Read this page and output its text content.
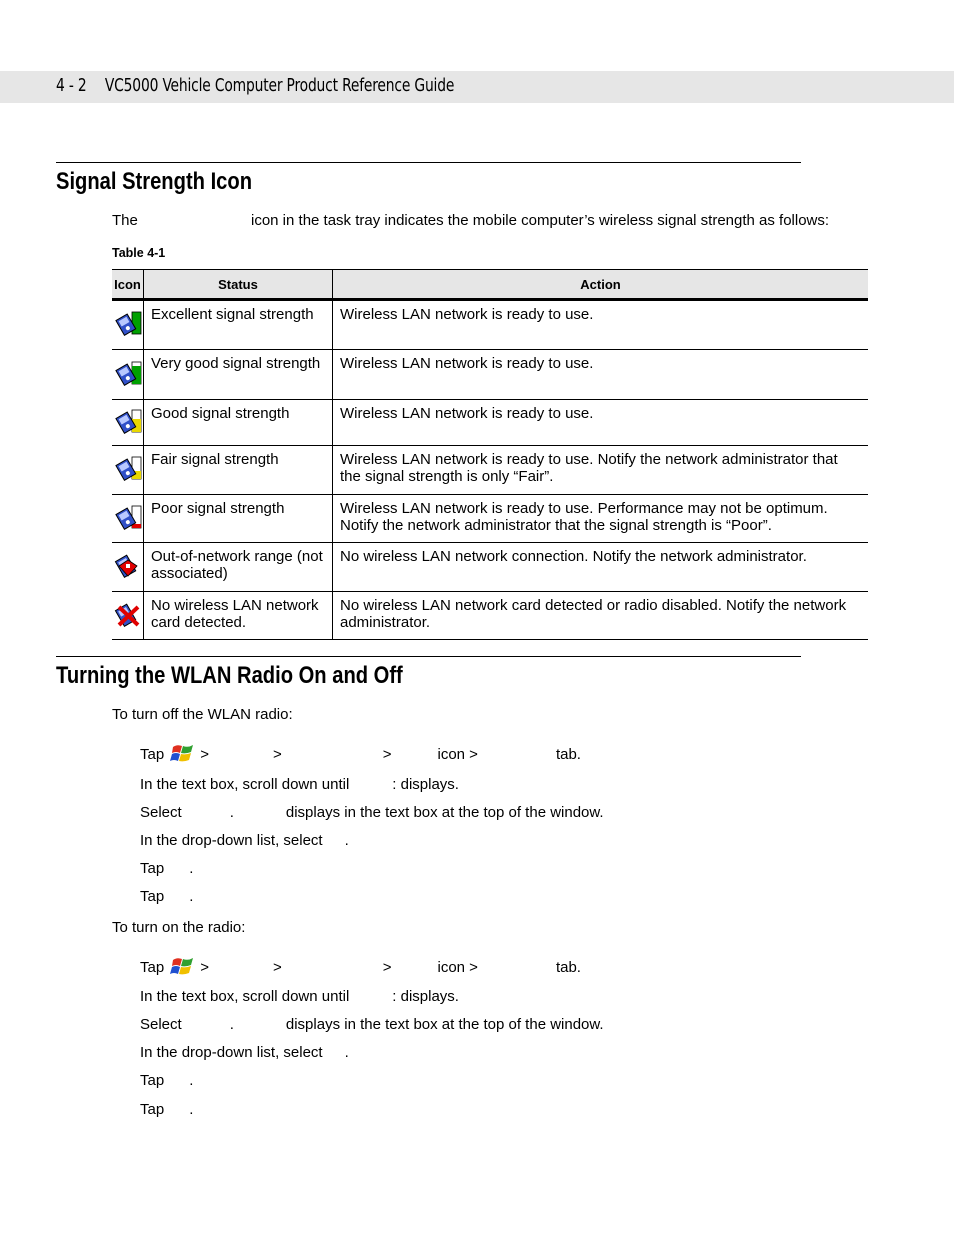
4 - 2 VC5000 Vehicle Computer Product Reference Guide
Signal Strength Icon
The	icon in the task tray indicates the mobile computer’s wireless signal strength as follows:
Table 4-1
Icon	Status	Action
	Excellent signal strength	Wireless LAN network is ready to use.
	Very good signal strength	Wireless LAN network is ready to use.
	Good signal strength	Wireless LAN network is ready to use.
	Fair signal strength	Wireless LAN network is ready to use. Notify the network administrator that the signal strength is only “Fair”.
	Poor signal strength	Wireless LAN network is ready to use. Performance may not be optimum. Notify the network administrator that the signal strength is “Poor”.
	Out-of-network range (not associated)	No wireless LAN network connection. Notify the network administrator.
	No wireless LAN network card detected.	No wireless LAN network card detected or radio disabled. Notify the network administrator.
Turning the WLAN Radio On and Off
To turn off the WLAN radio:
Tap >	>	>	icon >	tab.
In the text box, scroll down until	: displays.
Select	.	displays in the text box at the top of the window.
In the drop-down list, select .
Tap .
Tap .
To turn on the radio:
Tap >	>	>	icon >	tab.
In the text box, scroll down until	: displays.
Select	.	displays in the text box at the top of the window.
In the drop-down list, select .
Tap .
Tap .
